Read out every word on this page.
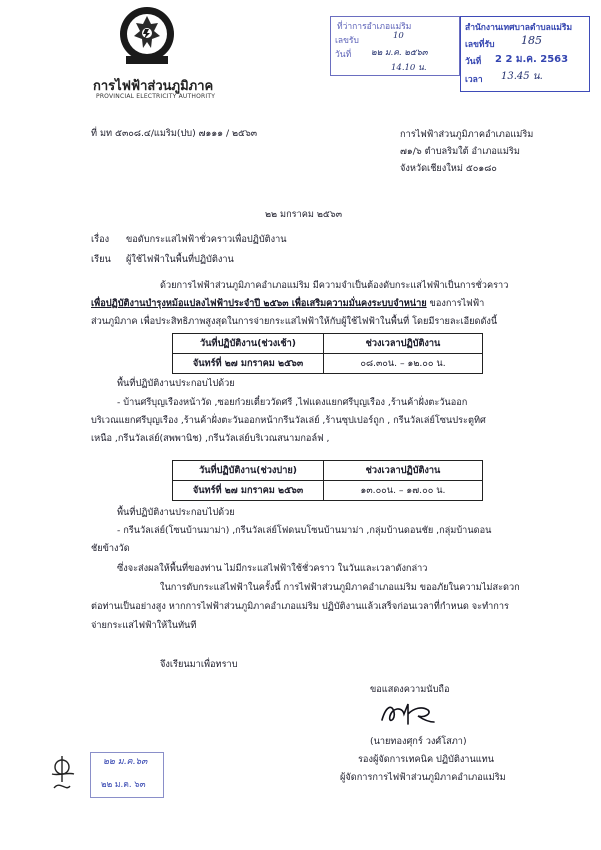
การไฟฟ้าส่วนภูมิภาค
PROVINCIAL ELECTRICITY AUTHORITY
ที่ว่าการอำเภอแม่ริม
เลขรับ	10
วันที่ ๒๒ ม.ค. ๒๕๖๓
14.10 น.
สำนักงานเทศบาลตำบลแม่ริม
เลขที่รับ 185
วันที่ 2 2 ม.ค. 2563
เวลา 13.45 น.
ที่ มท ๕๓๐๘.๔/แมริม(ปบ) ๗๑๑๑ / ๒๕๖๓	การไฟฟ้าส่วนภูมิภาคอำเภอแม่ริม
๗๑/๖ ตำบลริมใต้ อำเภอแม่ริม
จังหวัดเชียงใหม่ ๕๐๑๘๐
๒๒ มกราคม ๒๕๖๓
เรื่อง ขอดับกระแสไฟฟ้าชั่วคราวเพื่อปฏิบัติงาน
เรียน ผู้ใช้ไฟฟ้าในพื้นที่ปฏิบัติงาน
ด้วยการไฟฟ้าส่วนภูมิภาคอำเภอแม่ริม มีความจำเป็นต้องดับกระแสไฟฟ้าเป็นการชั่วคราว
เพื่อปฏิบัติงานบำรุงหม้อแปลงไฟฟ้าประจำปี ๒๕๖๓ เพื่อเสริมความมั่นคงระบบจำหน่าย ของการไฟฟ้า
ส่วนภูมิภาค เพื่อประสิทธิภาพสูงสุดในการจ่ายกระแสไฟฟ้าให้กับผู้ใช้ไฟฟ้าในพื้นที่ โดยมีรายละเอียดดังนี้
วันที่ปฏิบัติงาน(ช่วงเช้า)	ช่วงเวลาปฏิบัติงาน
จันทร์ที่ ๒๗ มกราคม ๒๕๖๓	๐๘.๓๐น. – ๑๒.๐๐ น.
พื้นที่ปฏิบัติงานประกอบไปด้วย
- บ้านศรีบุญเรืองหน้าวัด ,ซอยก๋วยเตี๋ยววัดศรี ,ไฟแดงแยกศรีบุญเรือง ,ร้านค้าฝั่งตะวันออก
บริเวณแยกศรีบุญเรือง ,ร้านค้าฝั่งตะวันออกหน้ากรีนวัลเล่ย์ ,ร้านซุปเปอร์ถูก , กรีนวัลเล่ย์โซนประตูทิศ
เหนือ ,กรีนวัลเล่ย์(สพพานิช) ,กรีนวัลเล่ย์บริเวณสนามกอล์ฟ ,
วันที่ปฏิบัติงาน(ช่วงบ่าย)	ช่วงเวลาปฏิบัติงาน
จันทร์ที่ ๒๗ มกราคม ๒๕๖๓	๑๓.๐๐น. – ๑๗.๐๐ น.
พื้นที่ปฏิบัติงานประกอบไปด้วย
- กรีนวัลเล่ย์(โซนบ้านมาม่า) ,กรีนวัลเล่ย์โฟดนบโซนบ้านมาม่า ,กลุ่มบ้านดอนชัย ,กลุ่มบ้านดอน
ชัยข้างวัด
ซึ่งจะส่งผลให้พื้นที่ของท่าน ไม่มีกระแสไฟฟ้าใช้ชั่วคราว ในวันและเวลาดังกล่าว
ในการดับกระแสไฟฟ้าในครั้งนี้ การไฟฟ้าส่วนภูมิภาคอำเภอแม่ริม ขออภัยในความไม่สะดวก
ต่อท่านเป็นอย่างสูง หากการไฟฟ้าส่วนภูมิภาคอำเภอแม่ริม ปฏิบัติงานแล้วเสร็จก่อนเวลาที่กำหนด จะทำการ
จ่ายกระแสไฟฟ้าให้ในทันที
จึงเรียนมาเพื่อทราบ
ขอแสดงความนับถือ
(นายทองศุกร์ วงศ์โสภา)
รองผู้จัดการเทคนิค ปฏิบัติงานแทน
ผู้จัดการการไฟฟ้าส่วนภูมิภาคอำเภอแม่ริม
๒๒ ม.ค.๖๓
๒๒ ม.ค. ๖๓
